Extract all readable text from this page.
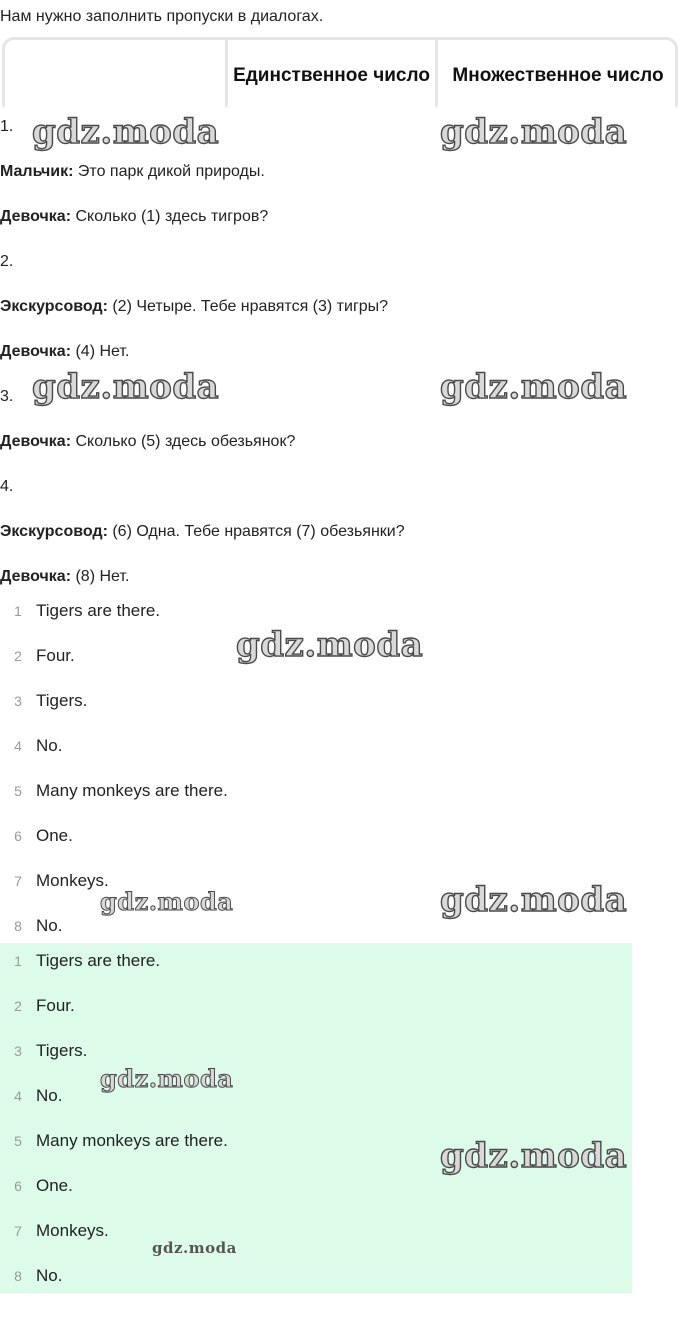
Нам нужно заполнить пропуски в диалогах.
Единственное число	Множественное число
1.
Мальчик: Это парк дикой природы.
Девочка: Сколько (1) здесь тигров?
2.
Экскурсовод: (2) Четыре. Тебе нравятся (3) тигры?
Девочка: (4) Нет.
3.
Девочка: Сколько (5) здесь обезьянок?
4.
Экскурсовод: (6) Одна. Тебе нравятся (7) обезьянки?
Девочка: (8) Нет.
1 Tigers are there.
2 Four.
3 Tigers.
4 No.
5 Many monkeys are there.
6 One.
7 Monkeys.
8 No.
1 Tigers are there.
2 Four.
3 Tigers.
4 No.
5 Many monkeys are there.
6 One.
7 Monkeys.
8 No.
gdz.moda	gdz.moda
gdz.moda	gdz.moda
gdz.moda
gdz.moda	gdz.moda
gdz.moda
gdz.moda
gdz.moda
